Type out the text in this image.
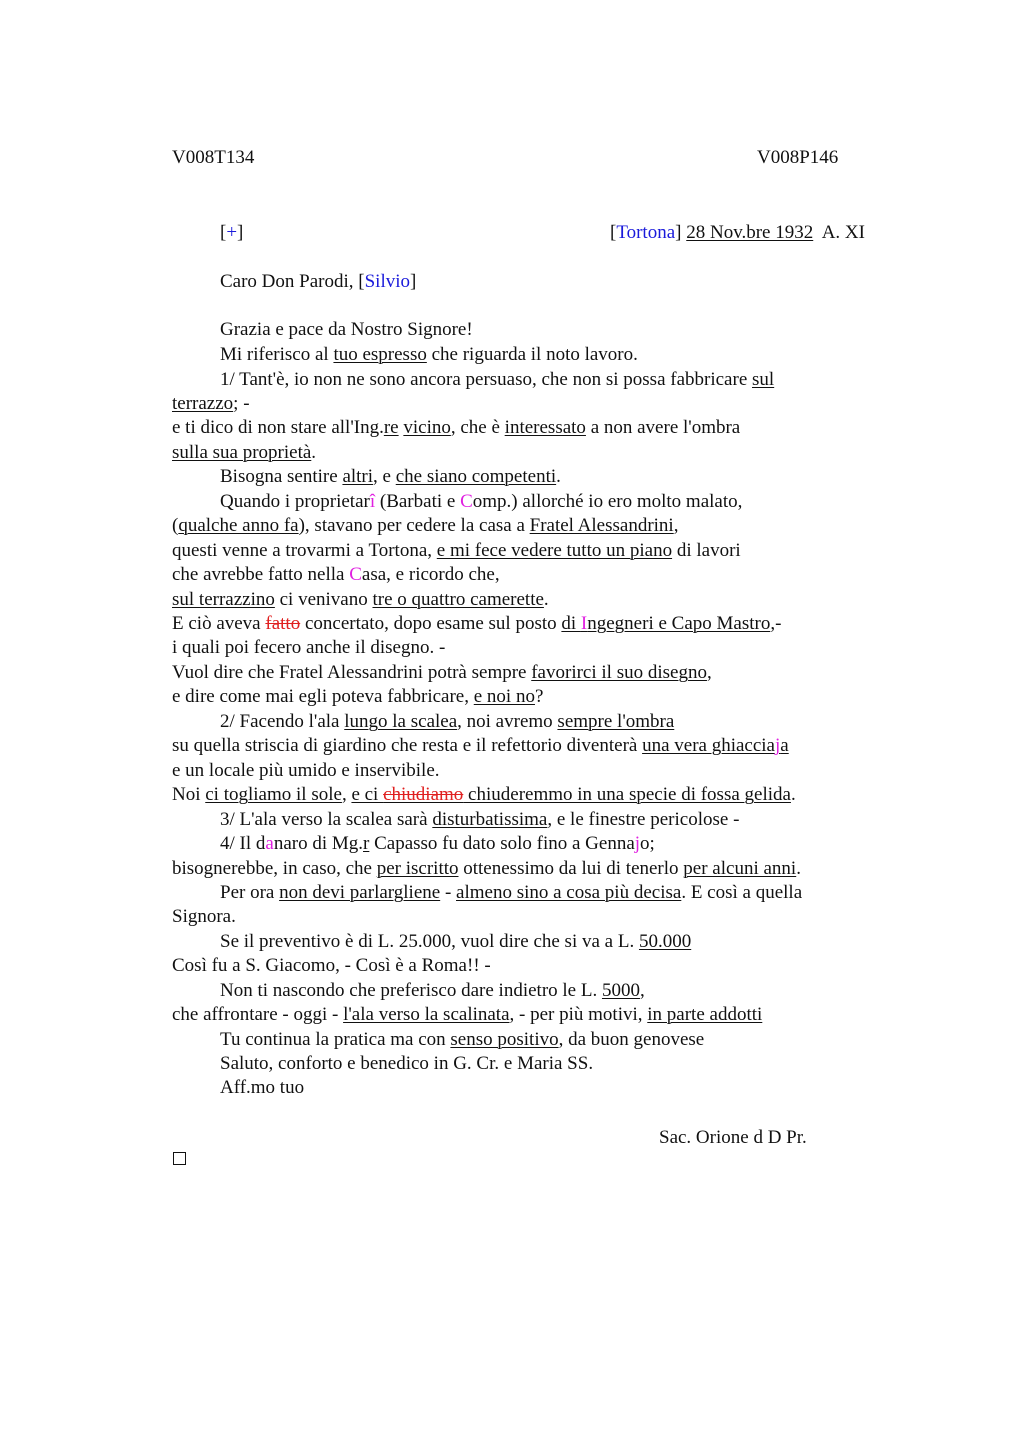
V008T134	V008P146
[+]	[Tortona] 28 Nov.bre 1932 A. XI
Caro Don Parodi, [Silvio]
Grazia e pace da Nostro Signore!
Mi riferisco al tuo espresso che riguarda il noto lavoro.
1/ Tant'è, io non ne sono ancora persuaso, che non si possa fabbricare sul
terrazzo; -
e ti dico di non stare all'Ing.re vicino, che è interessato a non avere l'ombra
sulla sua proprietà.
Bisogna sentire altri, e che siano competenti.
Quando i proprietarî (Barbati e Comp.) allorché io ero molto malato,
(qualche anno fa), stavano per cedere la casa a Fratel Alessandrini,
questi venne a trovarmi a Tortona, e mi fece vedere tutto un piano di lavori
che avrebbe fatto nella Casa, e ricordo che,
sul terrazzino ci venivano tre o quattro camerette.
E ciò aveva fatto concertato, dopo esame sul posto di Ingegneri e Capo Mastro,-
i quali poi fecero anche il disegno. -
Vuol dire che Fratel Alessandrini potrà sempre favorirci il suo disegno,
e dire come mai egli poteva fabbricare, e noi no?
2/ Facendo l'ala lungo la scalea, noi avremo sempre l'ombra
su quella striscia di giardino che resta e il refettorio diventerà una vera ghiacciaja
e un locale più umido e inservibile.
Noi ci togliamo il sole, e ci chiudiamo chiuderemmo in una specie di fossa gelida.
3/ L'ala verso la scalea sarà disturbatissima, e le finestre pericolose -
4/ Il danaro di Mg.r Capasso fu dato solo fino a Gennajo;
bisognerebbe, in caso, che per iscritto ottenessimo da lui di tenerlo per alcuni anni.
Per ora non devi parlargliene - almeno sino a cosa più decisa. E così a quella
Signora.
Se il preventivo è di L. 25.000, vuol dire che si va a L. 50.000
Così fu a S. Giacomo, - Così è a Roma!! -
Non ti nascondo che preferisco dare indietro le L. 5000,
che affrontare - oggi - l'ala verso la scalinata, - per più motivi, in parte addotti
Tu continua la pratica ma con senso positivo, da buon genovese
Saluto, conforto e benedico in G. Cr. e Maria SS.
Aff.mo tuo
Sac. Orione d D Pr.
